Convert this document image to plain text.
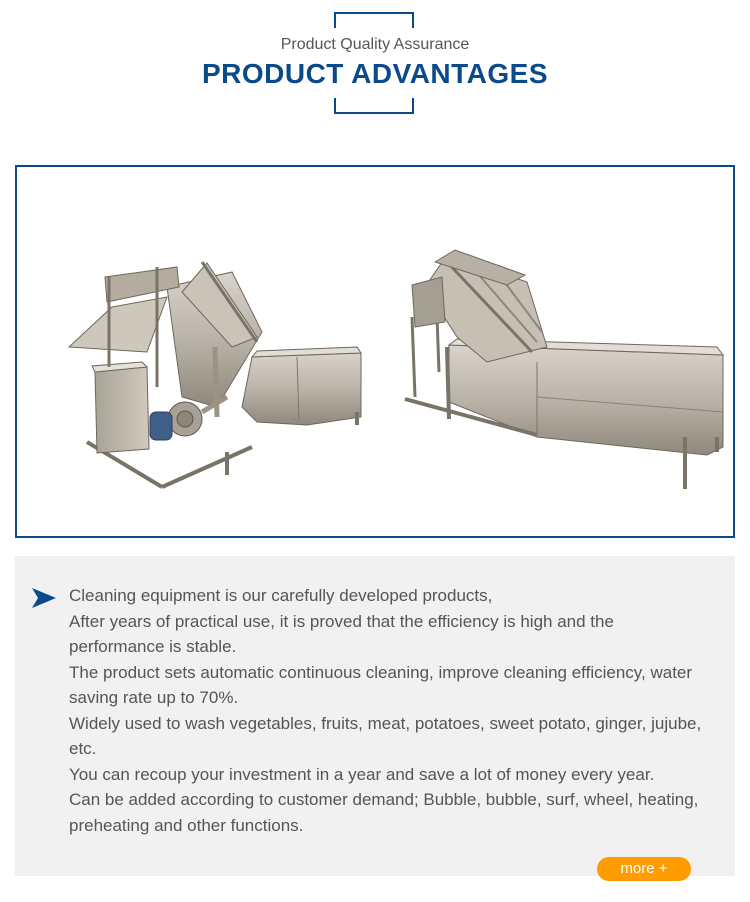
Product Quality Assurance
PRODUCT ADVANTAGES
Cleaning equipment is our carefully developed products,
After years of practical use, it is proved that the efficiency is high and the performance is stable.
The product sets automatic continuous cleaning, improve cleaning efficiency, water saving rate up to 70%.
Widely used to wash vegetables, fruits, meat, potatoes, sweet potato, ginger, jujube, etc.
You can recoup your investment in a year and save a lot of money every year.
Can be added according to customer demand; Bubble, bubble, surf, wheel, heating, preheating and other functions.
more +
